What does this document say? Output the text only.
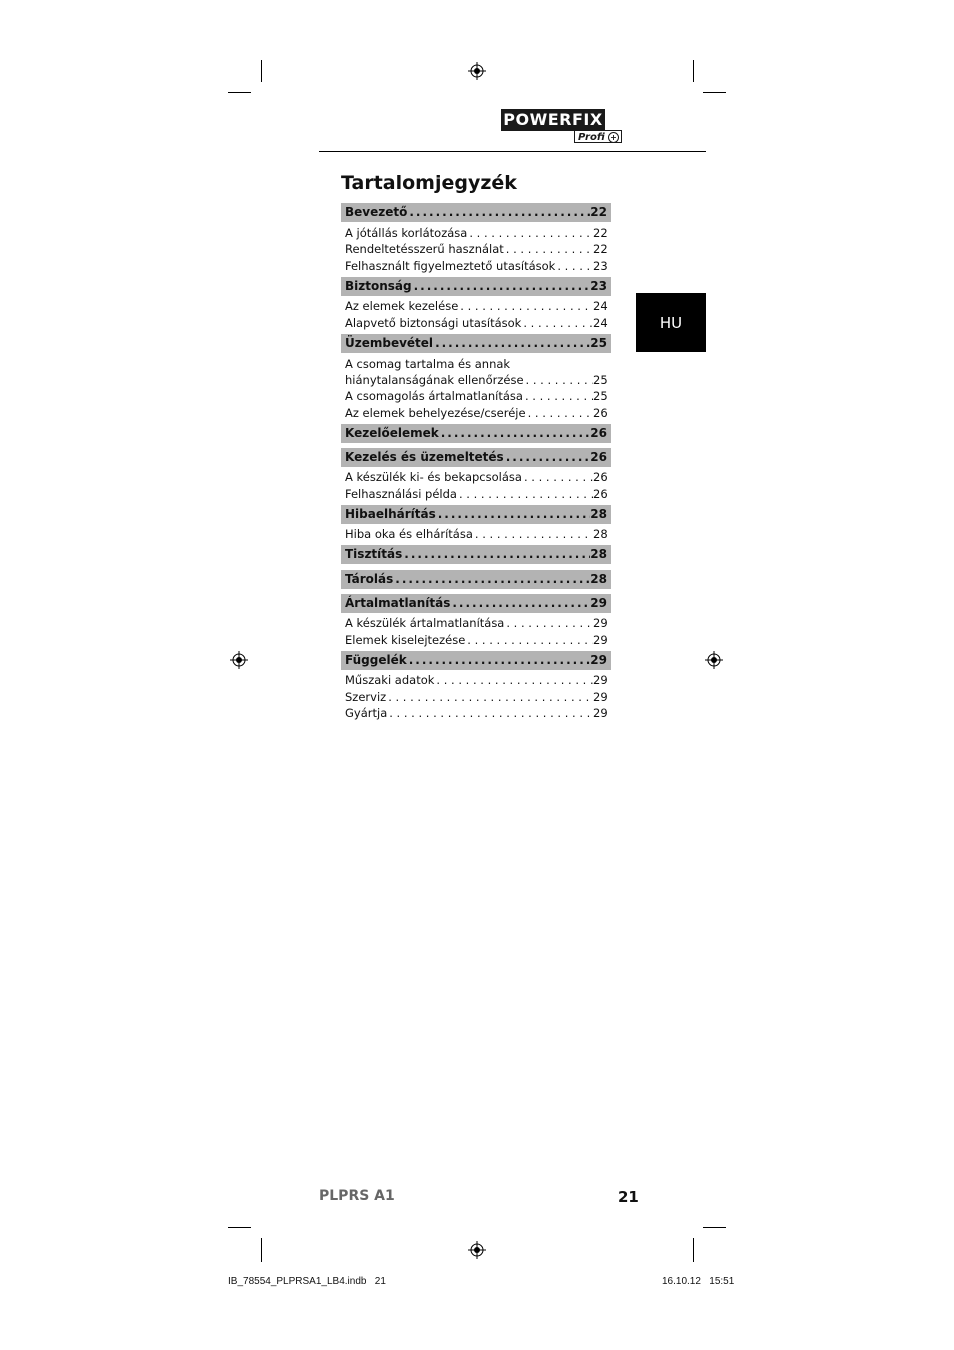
POWERFIX
Profi +
Tartalomjegyzék
HU
Bevezető .....	22
A jótállás korlátozása . . .	22
Rendeltetésszerű használat . . .	22
Felhasznált figyelmeztető utasítások . . .	23
Biztonság .....	23
Az elemek kezelése . . .	24
Alapvető biztonsági utasítások . . .	24
Üzembevétel .....	25
A csomag tartalma és annak
hiánytalanságának ellenőrzése . . .	25
A csomagolás ártalmatlanítása . . .	25
Az elemek behelyezése/cseréje . . .	26
Kezelőelemek .....	26
Kezelés és üzemeltetés .....	26
A készülék ki- és bekapcsolása . . .	26
Felhasználási példa . . .	26
Hibaelhárítás .....	28
Hiba oka és elhárítása . . .	28
Tisztítás .....	28
Tárolás .....	28
Ártalmatlanítás .....	29
A készülék ártalmatlanítása . . .	29
Elemek kiselejtezése . . .	29
Függelék .....	29
Műszaki adatok . . .	29
Szerviz . . .	29
Gyártja . . .	29
PLPRS A1	21
IB_78554_PLPRSA1_LB4.indb   21	16.10.12   15:51
